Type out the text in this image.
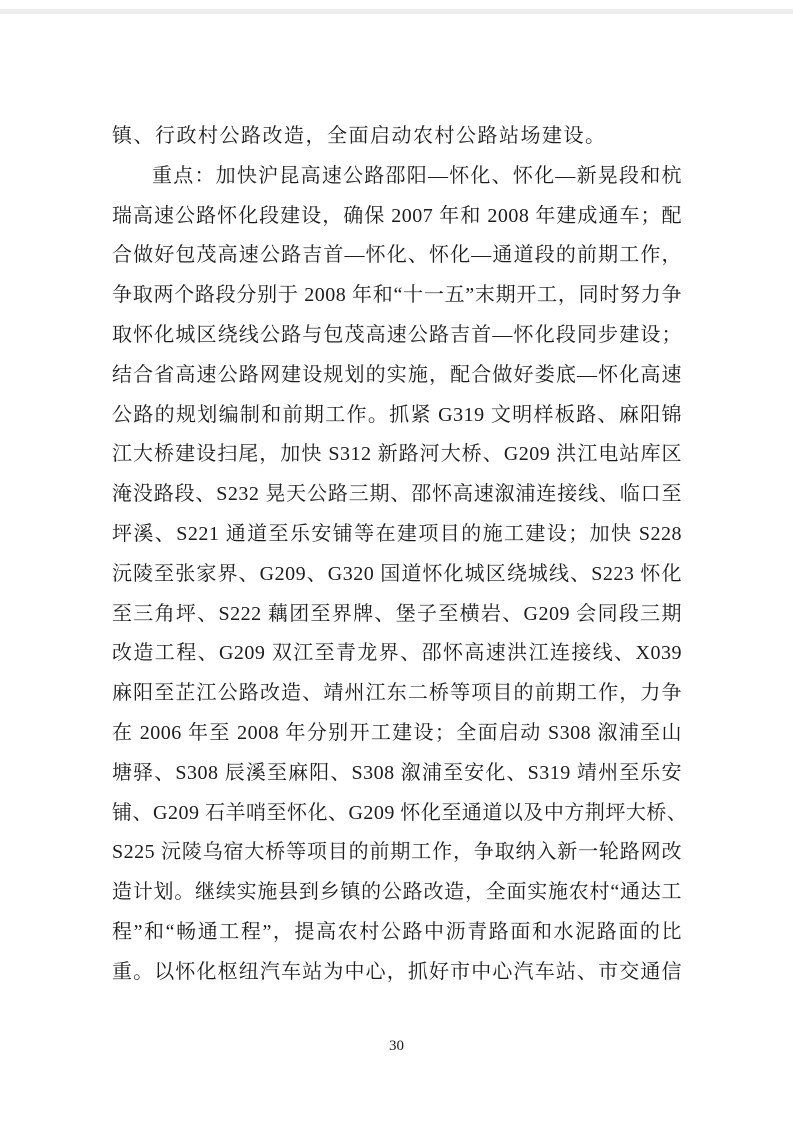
镇、行政村公路改造，全面启动农村公路站场建设。
重点：加快沪昆高速公路邵阳—怀化、怀化—新晃段和杭
瑞高速公路怀化段建设，确保 2007 年和 2008 年建成通车；配
合做好包茂高速公路吉首—怀化、怀化—通道段的前期工作，
争取两个路段分别于 2008 年和“十一五”末期开工，同时努力争
取怀化城区绕线公路与包茂高速公路吉首—怀化段同步建设；
结合省高速公路网建设规划的实施，配合做好娄底—怀化高速
公路的规划编制和前期工作。抓紧 G319 文明样板路、麻阳锦
江大桥建设扫尾，加快 S312 新路河大桥、G209 洪江电站库区
淹没路段、S232 晃天公路三期、邵怀高速溆浦连接线、临口至
坪溪、S221 通道至乐安铺等在建项目的施工建设；加快 S228
沅陵至张家界、G209、G320 国道怀化城区绕城线、S223 怀化
至三角坪、S222 藕团至界牌、堡子至横岩、G209 会同段三期
改造工程、G209 双江至青龙界、邵怀高速洪江连接线、X039
麻阳至芷江公路改造、靖州江东二桥等项目的前期工作，力争
在 2006 年至 2008 年分别开工建设；全面启动 S308 溆浦至山
塘驿、S308 辰溪至麻阳、S308 溆浦至安化、S319 靖州至乐安
铺、G209 石羊哨至怀化、G209 怀化至通道以及中方荆坪大桥、
S225 沅陵乌宿大桥等项目的前期工作，争取纳入新一轮路网改
造计划。继续实施县到乡镇的公路改造，全面实施农村“通达工
程”和“畅通工程”，提高农村公路中沥青路面和水泥路面的比
重。以怀化枢纽汽车站为中心，抓好市中心汽车站、市交通信
30
